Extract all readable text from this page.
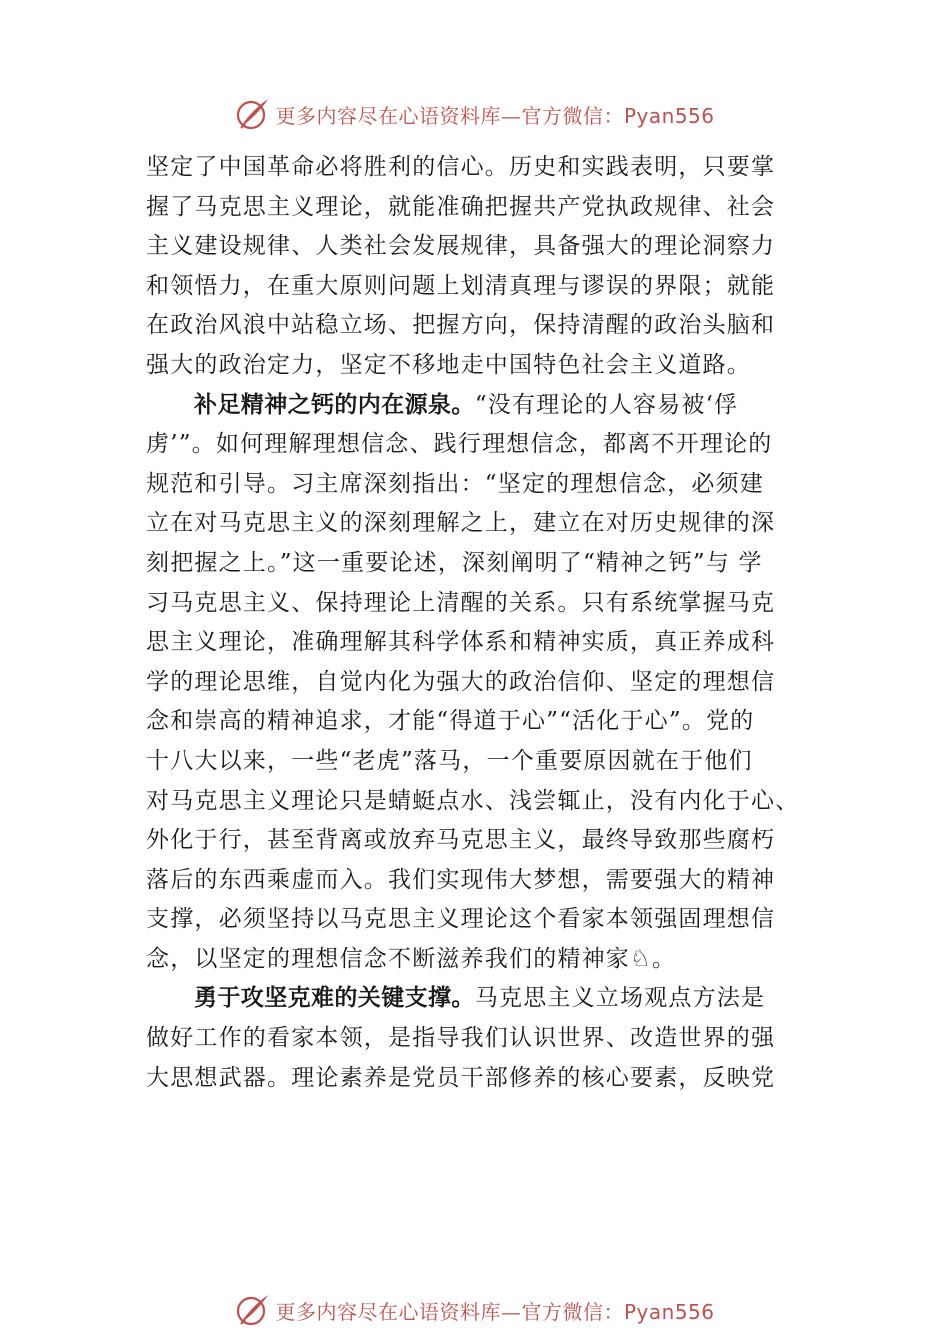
更多内容尽在心语资料库—官方微信：Pyan556
坚定了中国革命必将胜利的信心。历史和实践表明，只要掌
握了马克思主义理论，就能准确把握共产党执政规律、社会
主义建设规律、人类社会发展规律，具备强大的理论洞察力
和领悟力，在重大原则问题上划清真理与谬误的界限；就能
在政治风浪中站稳立场、把握方向，保持清醒的政治头脑和
强大的政治定力，坚定不移地走中国特色社会主义道路。
补足精神之钙的内在源泉。“没有理论的人容易被‘俘
虏’”。如何理解理想信念、践行理想信念，都离不开理论的
规范和引导。习主席深刻指出：“坚定的理想信念，必须建
立在对马克思主义的深刻理解之上，建立在对历史规律的深
刻把握之上。”这一重要论述，深刻阐明了“精神之钙”与 学
习马克思主义、保持理论上清醒的关系。只有系统掌握马克
思主义理论，准确理解其科学体系和精神实质，真正养成科
学的理论思维，自觉内化为强大的政治信仰、坚定的理想信
念和崇高的精神追求，才能“得道于心”“活化于心”。党的
十八大以来，一些“老虎”落马，一个重要原因就在于他们
对马克思主义理论只是蜻蜓点水、浅尝辄止，没有内化于心、
外化于行，甚至背离或放弃马克思主义，最终导致那些腐朽
落后的东西乘虚而入。我们实现伟大梦想，需要强大的精神
支撑，必须坚持以马克思主义理论这个看家本领强固理想信
念，以坚定的理想信念不断滋养我们的精神家♘。
勇于攻坚克难的关键支撑。马克思主义立场观点方法是
做好工作的看家本领，是指导我们认识世界、改造世界的强
大思想武器。理论素养是党员干部修养的核心要素，反映党
更多内容尽在心语资料库—官方微信：Pyan556
